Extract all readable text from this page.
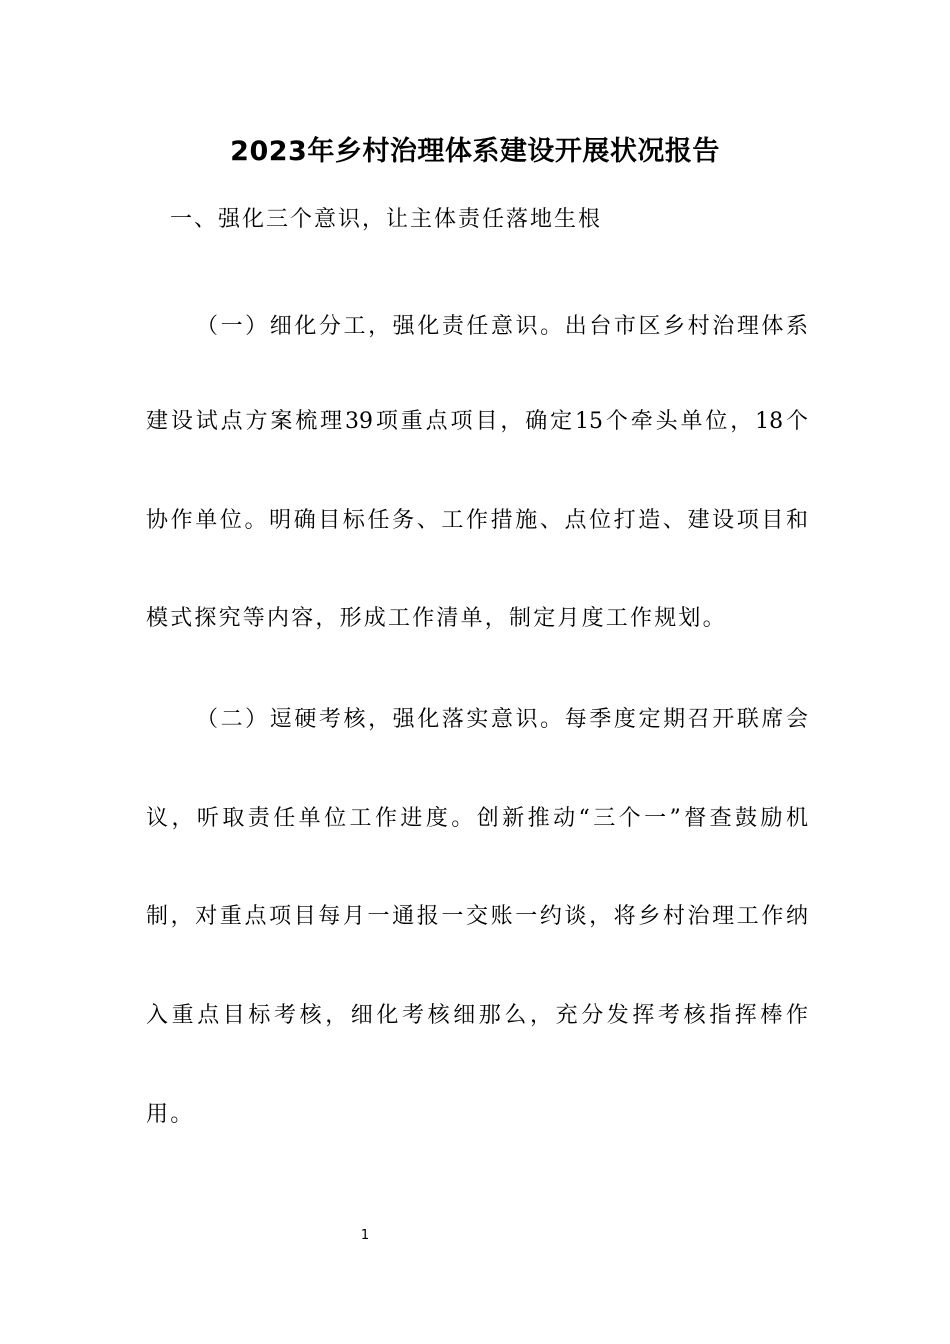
2023年乡村治理体系建设开展状况报告
一、强化三个意识，让主体责任落地生根
（一）细化分工，强化责任意识。出台市区乡村治理体系
建设试点方案梳理39项重点项目，确定15个牵头单位，18个
协作单位。明确目标任务、工作措施、点位打造、建设项目和
模式探究等内容，形成工作清单，制定月度工作规划。
（二）逗硬考核，强化落实意识。每季度定期召开联席会
议，听取责任单位工作进度。创新推动“三个一”督查鼓励机
制，对重点项目每月一通报一交账一约谈，将乡村治理工作纳
入重点目标考核，细化考核细那么，充分发挥考核指挥棒作
用。
1
